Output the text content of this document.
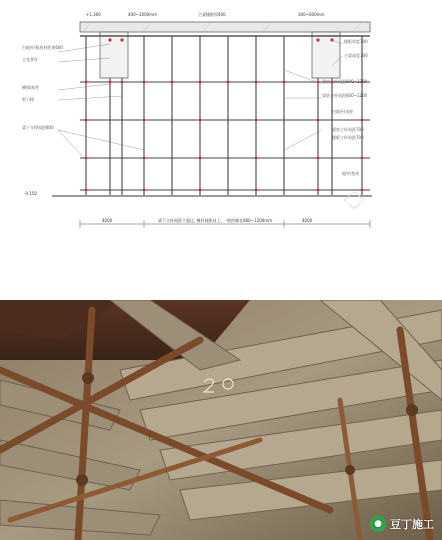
+1.300	400~1000mm	主梁楼板厚400	300~600mm
扫地杆/板底杆距离600
主龙骨杆
横撑/扣件
剪刀撑
梁下支撑间距800
楼板厚度700
主梁高度700
梁底立杆间距800~1200
梁底立杆间距800~1200
扫地杆/步距
梁底立杆间距700
楼板立杆间距700
-0.150
地坪/垫块
4000	梁下立杆间距不超过, 横杆间距同上, 一般控制在800~1200mm	4000
● 豆丁施工
